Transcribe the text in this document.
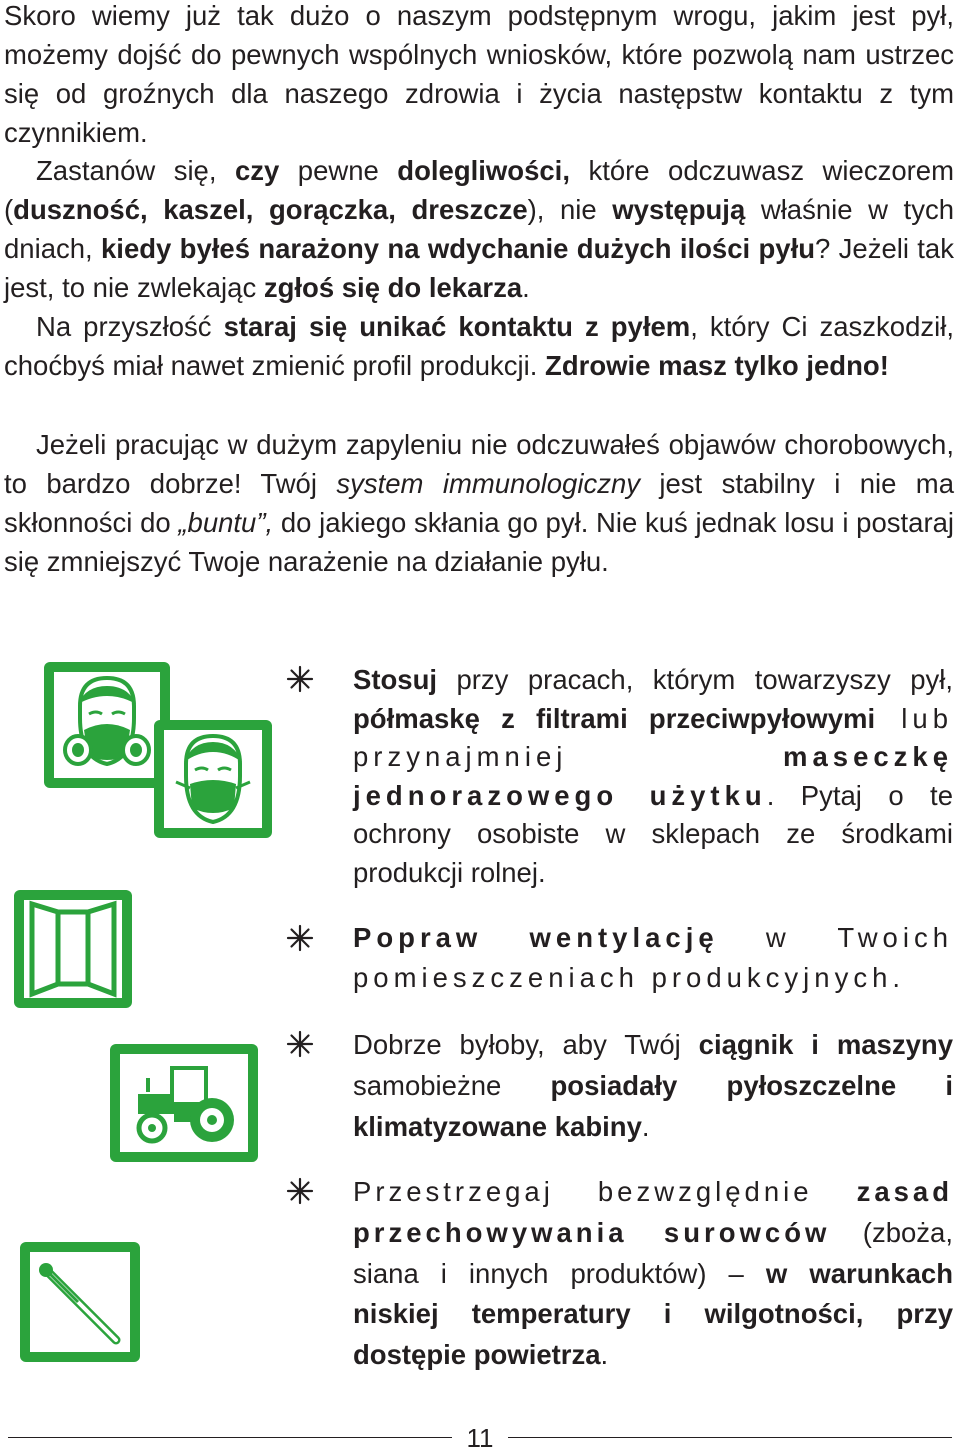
Skoro wiemy już tak dużo o naszym podstępnym wrogu, jakim jest pył, możemy dojść do pewnych wspólnych wniosków, które pozwolą nam ustrzec się od groźnych dla naszego zdrowia i życia następstw kontaktu z tym czynnikiem.

Zastanów się, czy pewne dolegliwości, które odczuwasz wieczorem (duszność, kaszel, gorączka, dreszcze), nie występują właśnie w tych dniach, kiedy byłeś narażony na wdychanie dużych ilości pyłu? Jeżeli tak jest, to nie zwlekając zgłoś się do lekarza.

Na przyszłość staraj się unikać kontaktu z pyłem, który Ci zaszkodził, choćbyś miał nawet zmienić profil produkcji. Zdrowie masz tylko jedno!

Jeżeli pracując w dużym zapyleniu nie odczuwałeś objawów chorobowych, to bardzo dobrze! Twój system immunologiczny jest stabilny i nie ma skłonności do „buntu”, do jakiego skłania go pył. Nie kuś jednak losu i postaraj się zmniejszyć Twoje narażenie na działanie pyłu.

Stosuj przy pracach, którym towarzyszy pył, półmaskę z filtrami przeciwpyłowymi lub przynajmniej maseczkę jednorazowego użytku. Pytaj o te ochrony osobiste w sklepach ze środkami produkcji rolnej.

Popraw wentylację w Twoich pomieszczeniach produkcyjnych.

Dobrze byłoby, aby Twój ciągnik i maszyny samobieżne posiadały pyłoszczelne i klimatyzowane kabiny.

Przestrzegaj bezwzględnie zasad przechowywania surowców (zboża, siana i innych produktów) – w warunkach niskiej temperatury i wilgotności, przy dostępie powietrza.

11
